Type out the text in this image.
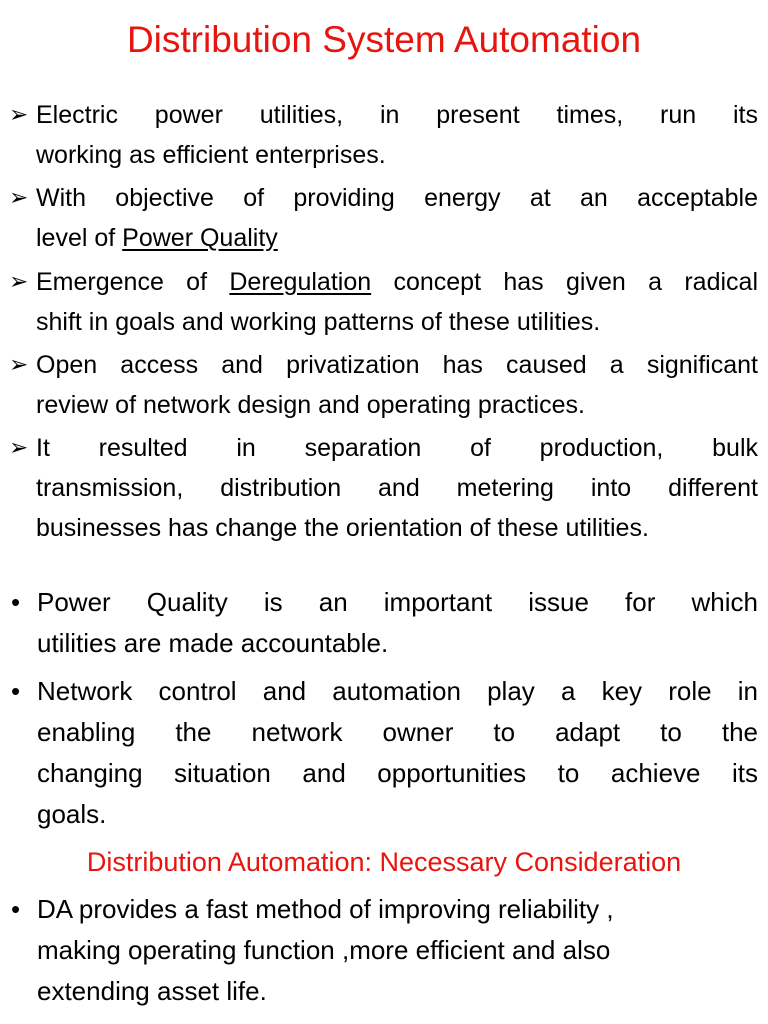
Distribution System Automation
➢ Electric power utilities, in present times, run its
working as efficient enterprises.
➢ With objective of providing energy at an acceptable
level of Power Quality
➢ Emergence of Deregulation concept has given a radical
shift in goals and working patterns of these utilities.
➢ Open access and privatization has caused a significant
review of network design and operating practices.
➢ It resulted in separation of production, bulk
transmission, distribution and metering into different
businesses has change the orientation of these utilities.
• Power Quality is an important issue for which
utilities are made accountable.
• Network control and automation play a key role in
enabling the network owner to adapt to the
changing situation and opportunities to achieve its
goals.
Distribution Automation: Necessary Consideration
• DA provides a fast method of improving reliability ,
making operating function ,more efficient and also
extending asset life.
